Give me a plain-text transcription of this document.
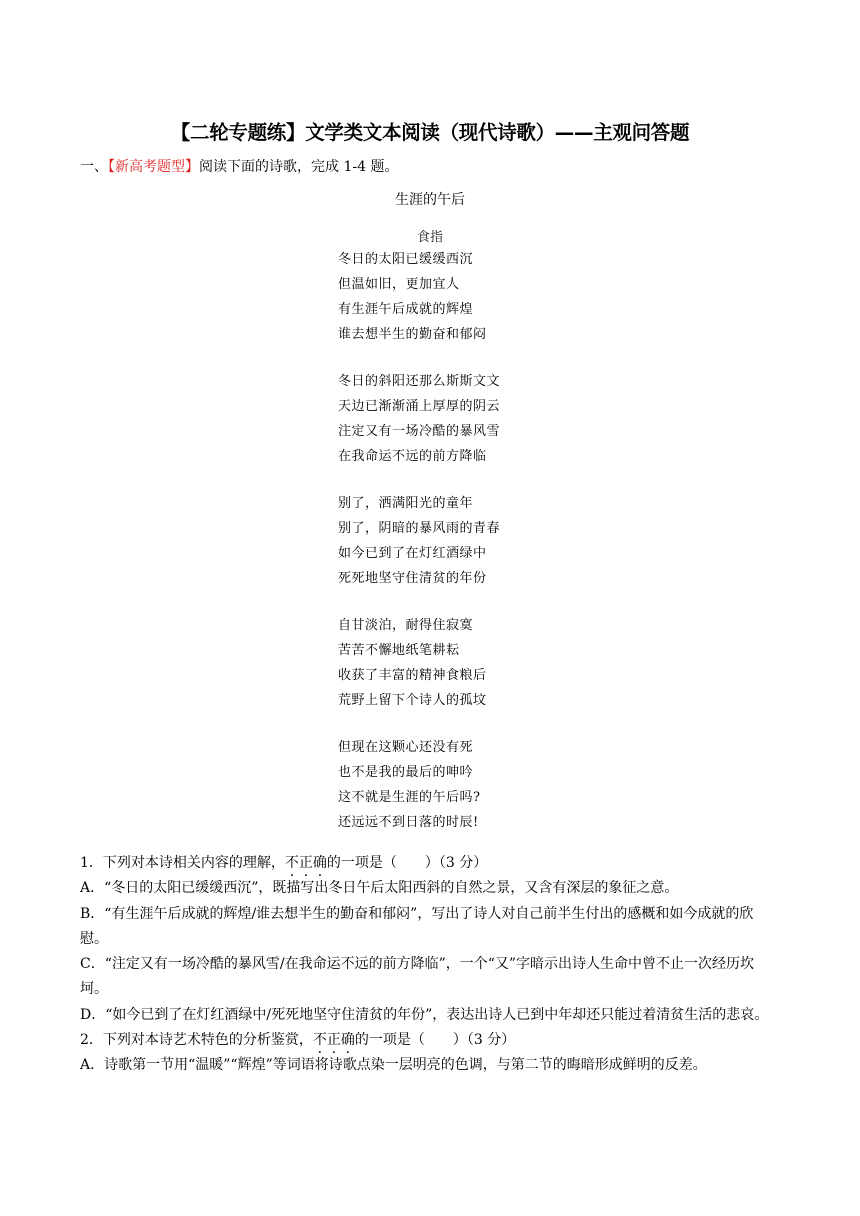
【二轮专题练】文学类文本阅读（现代诗歌）——主观问答题
一、【新高考题型】阅读下面的诗歌，完成 1-4 题。
生涯的午后
食指
冬日的太阳已缓缓西沉
但温如旧，更加宜人
有生涯午后成就的辉煌
谁去想半生的勤奋和郁闷
冬日的斜阳还那么斯斯文文
天边已渐渐涌上厚厚的阴云
注定又有一场冷酷的暴风雪
在我命运不远的前方降临
别了，洒满阳光的童年
别了，阴暗的暴风雨的青春
如今已到了在灯红酒绿中
死死地坚守住清贫的年份
自甘淡泊，耐得住寂寞
苦苦不懈地纸笔耕耘
收获了丰富的精神食粮后
荒野上留下个诗人的孤坟
但现在这颗心还没有死
也不是我的最后的呻吟
这不就是生涯的午后吗?
还远远不到日落的时辰!

1．下列对本诗相关内容的理解，不正确的一项是（　　）（3 分）

A．“冬日的太阳已缓缓西沉”，既描写出冬日午后太阳西斜的自然之景，又含有深层的象征之意。

B．“有生涯午后成就的辉煌/谁去想半生的勤奋和郁闷”，写出了诗人对自己前半生付出的感概和如今成就的欣慰。

C．“注定又有一场冷酷的暴风雪/在我命运不远的前方降临”，一个“又”字暗示出诗人生命中曾不止一次经历坎坷。

D．“如今已到了在灯红酒绿中/死死地坚守住清贫的年份”，表达出诗人已到中年却还只能过着清贫生活的悲哀。

2．下列对本诗艺术特色的分析鉴赏，不正确的一项是（　　）（3 分）

A．诗歌第一节用“温暖”“辉煌”等词语将诗歌点染一层明亮的色调，与第二节的晦暗形成鲜明的反差。
